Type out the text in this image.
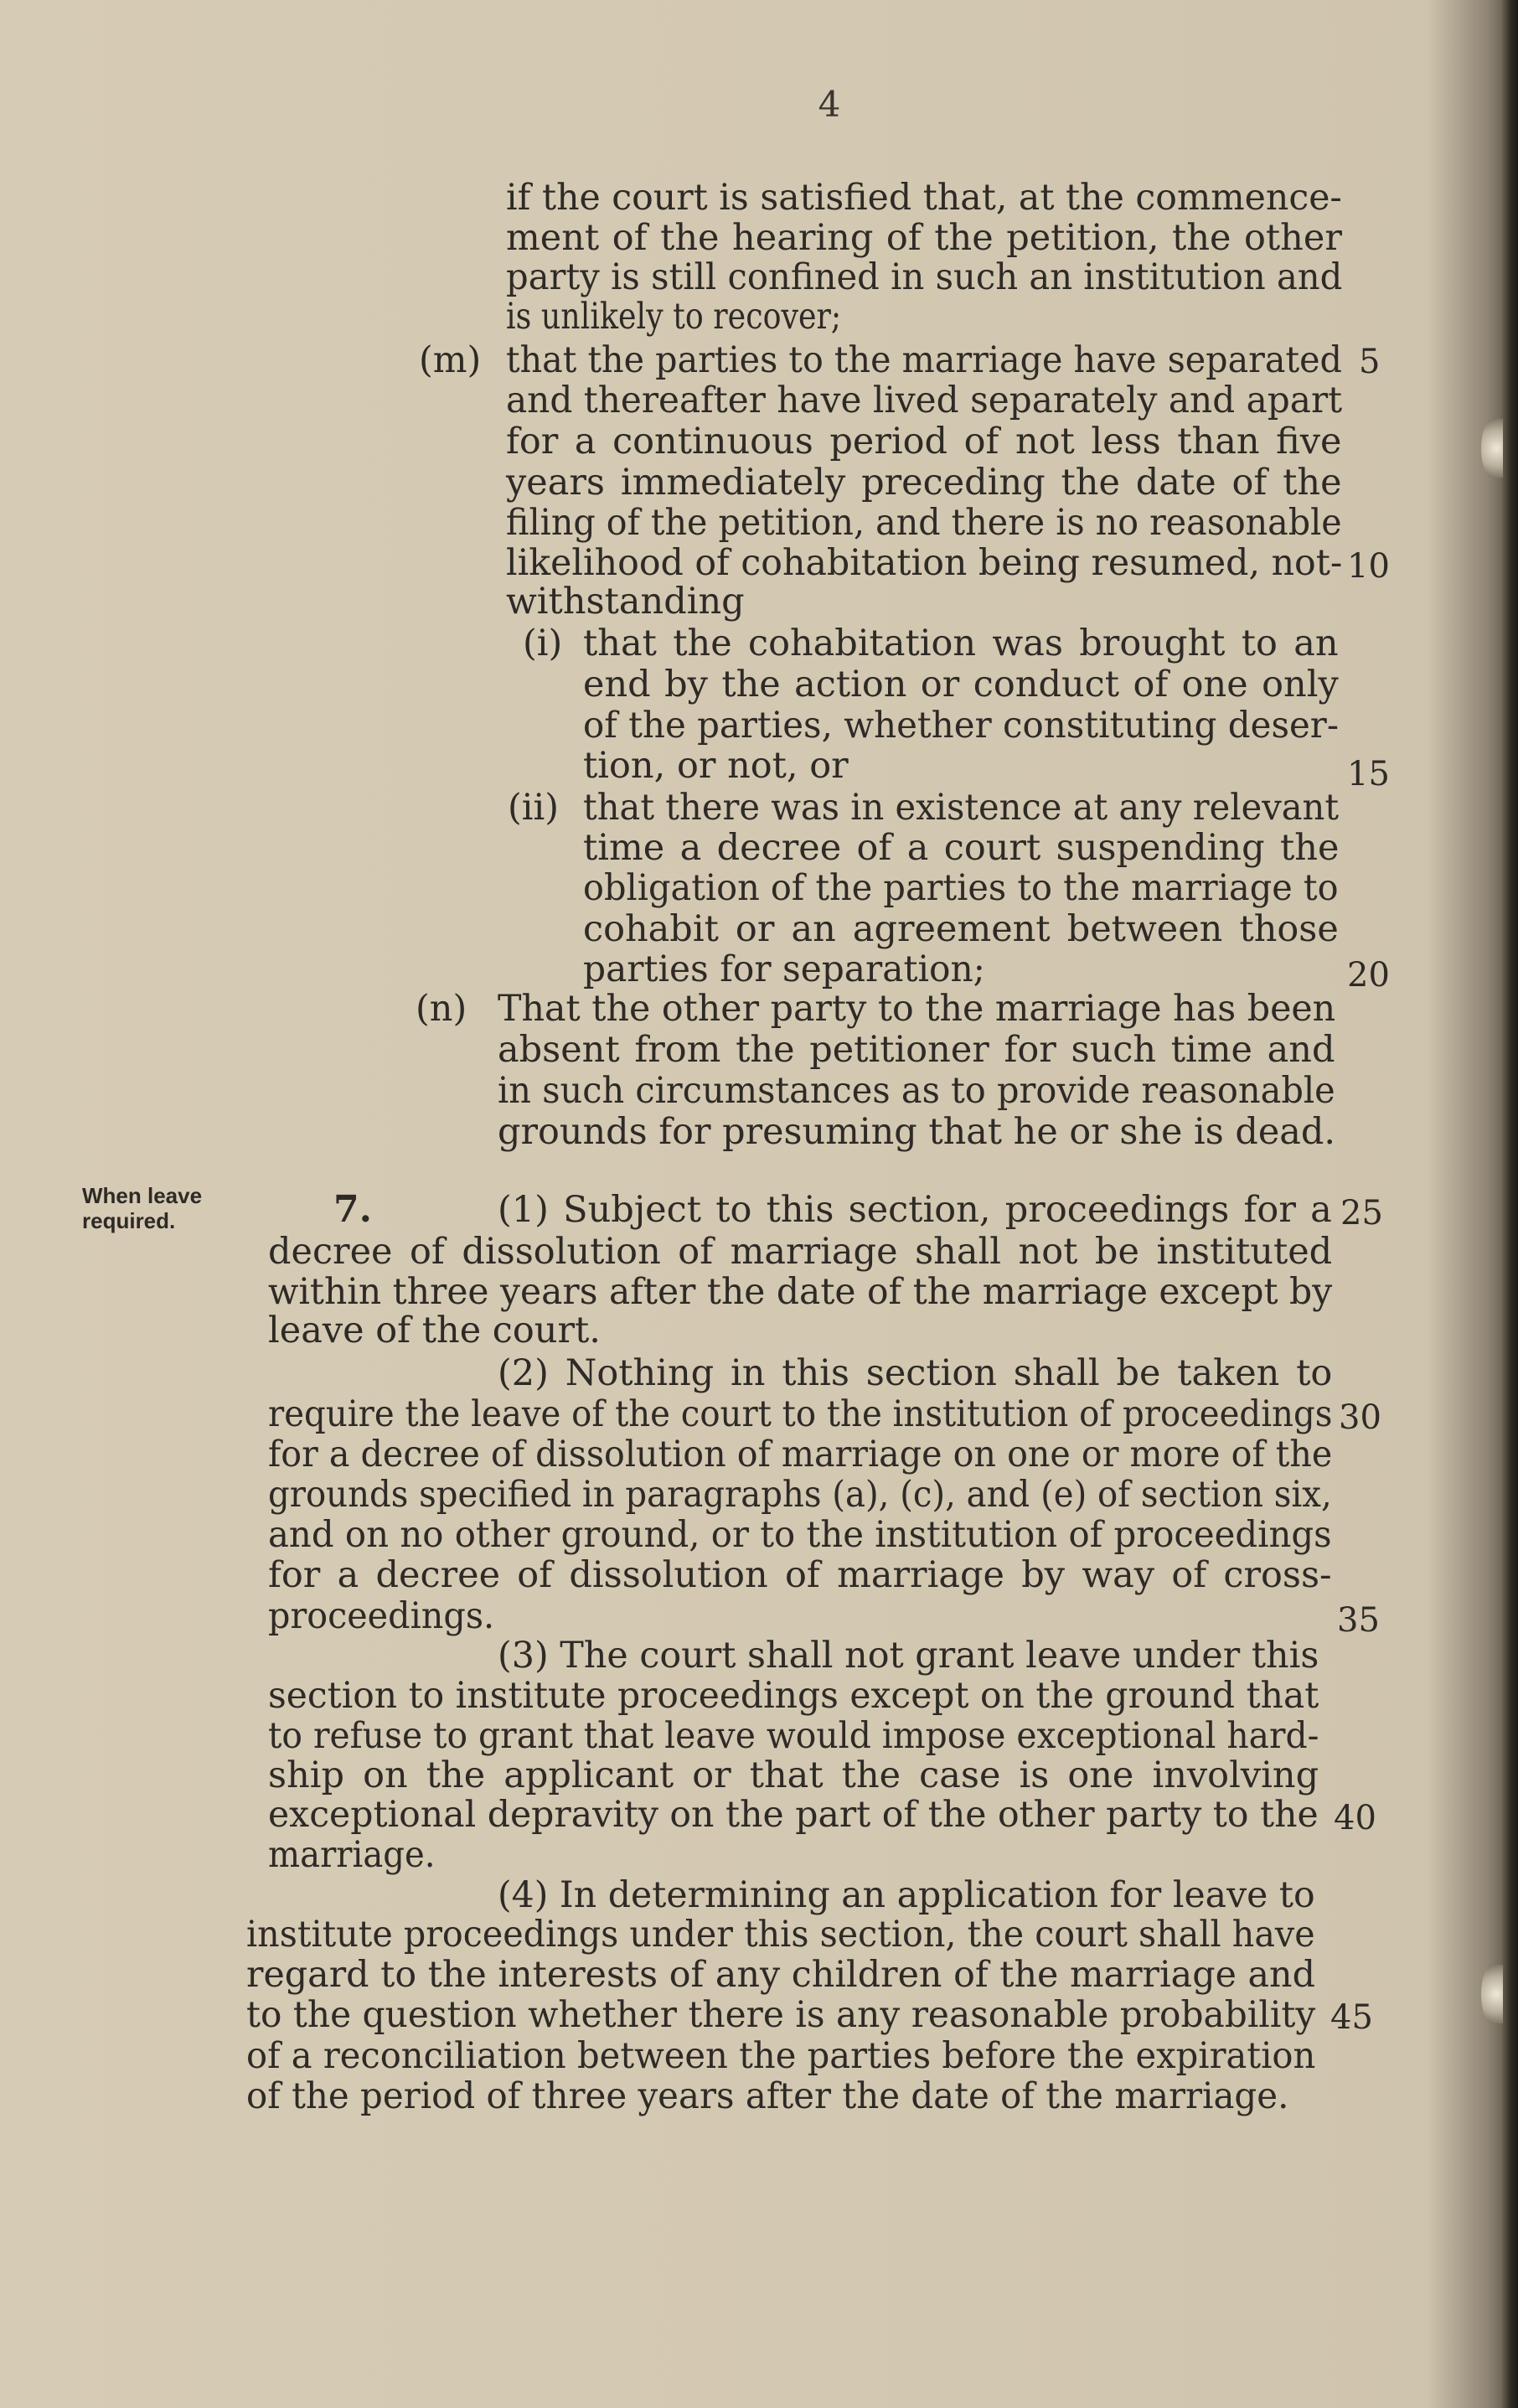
4
When leave
required.	7.
if the court is satisfied that, at the commence-
ment of the hearing of the petition, the other
party is still confined in such an institution and
is unlikely to recover;
(m) that the parties to the marriage have separated 5
and thereafter have lived separately and apart
for a continuous period of not less than five
years immediately preceding the date of the
filing of the petition, and there is no reasonable
likelihood of cohabitation being resumed, not- 10
withstanding
(i) that the cohabitation was brought to an
end by the action or conduct of one only
of the parties, whether constituting deser-
tion, or not, or	15
(ii) that there was in existence at any relevant
time a decree of a court suspending the
obligation of the parties to the marriage to
cohabit or an agreement between those
parties for separation;	20
(n) That the other party to the marriage has been
absent from the petitioner for such time and
in such circumstances as to provide reasonable
grounds for presuming that he or she is dead.
(1) Subject to this section, proceedings for a 25
decree of dissolution of marriage shall not be instituted
within three years after the date of the marriage except by
leave of the court.
(2) Nothing in this section shall be taken to
require the leave of the court to the institution of proceedings 30
for a decree of dissolution of marriage on one or more of the
grounds specified in paragraphs (a), (c), and (e) of section six,
and on no other ground, or to the institution of proceedings
for a decree of dissolution of marriage by way of cross-
proceedings.	35
(3) The court shall not grant leave under this
section to institute proceedings except on the ground that
to refuse to grant that leave would impose exceptional hard-
ship on the applicant or that the case is one involving
exceptional depravity on the part of the other party to the 40
marriage.
(4) In determining an application for leave to
institute proceedings under this section, the court shall have
regard to the interests of any children of the marriage and
to the question whether there is any reasonable probability 45
of a reconciliation between the parties before the expiration
of the period of three years after the date of the marriage.
